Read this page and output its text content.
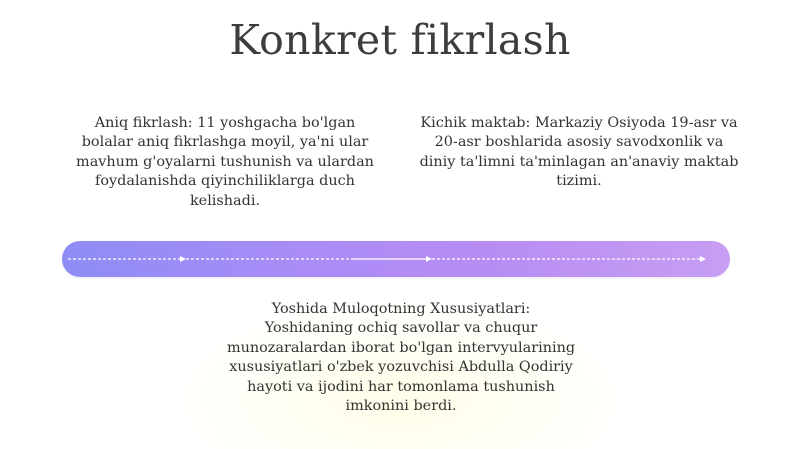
Konkret fikrlash
Aniq fikrlash: 11 yoshgacha bo'lgan bolalar aniq fikrlashga moyil, ya'ni ular mavhum g'oyalarni tushunish va ulardan foydalanishda qiyinchiliklarga duch kelishadi.
Kichik maktab: Markaziy Osiyoda 19-asr va 20-asr boshlarida asosiy savodxonlik va diniy ta'limni ta'minlagan an'anaviy maktab tizimi.
Yoshida Muloqotning Xususiyatlari: Yoshidaning ochiq savollar va chuqur munozaralardan iborat bo'lgan intervyularining xususiyatlari o'zbek yozuvchisi Abdulla Qodiriy hayoti va ijodini har tomonlama tushunish imkonini berdi.
